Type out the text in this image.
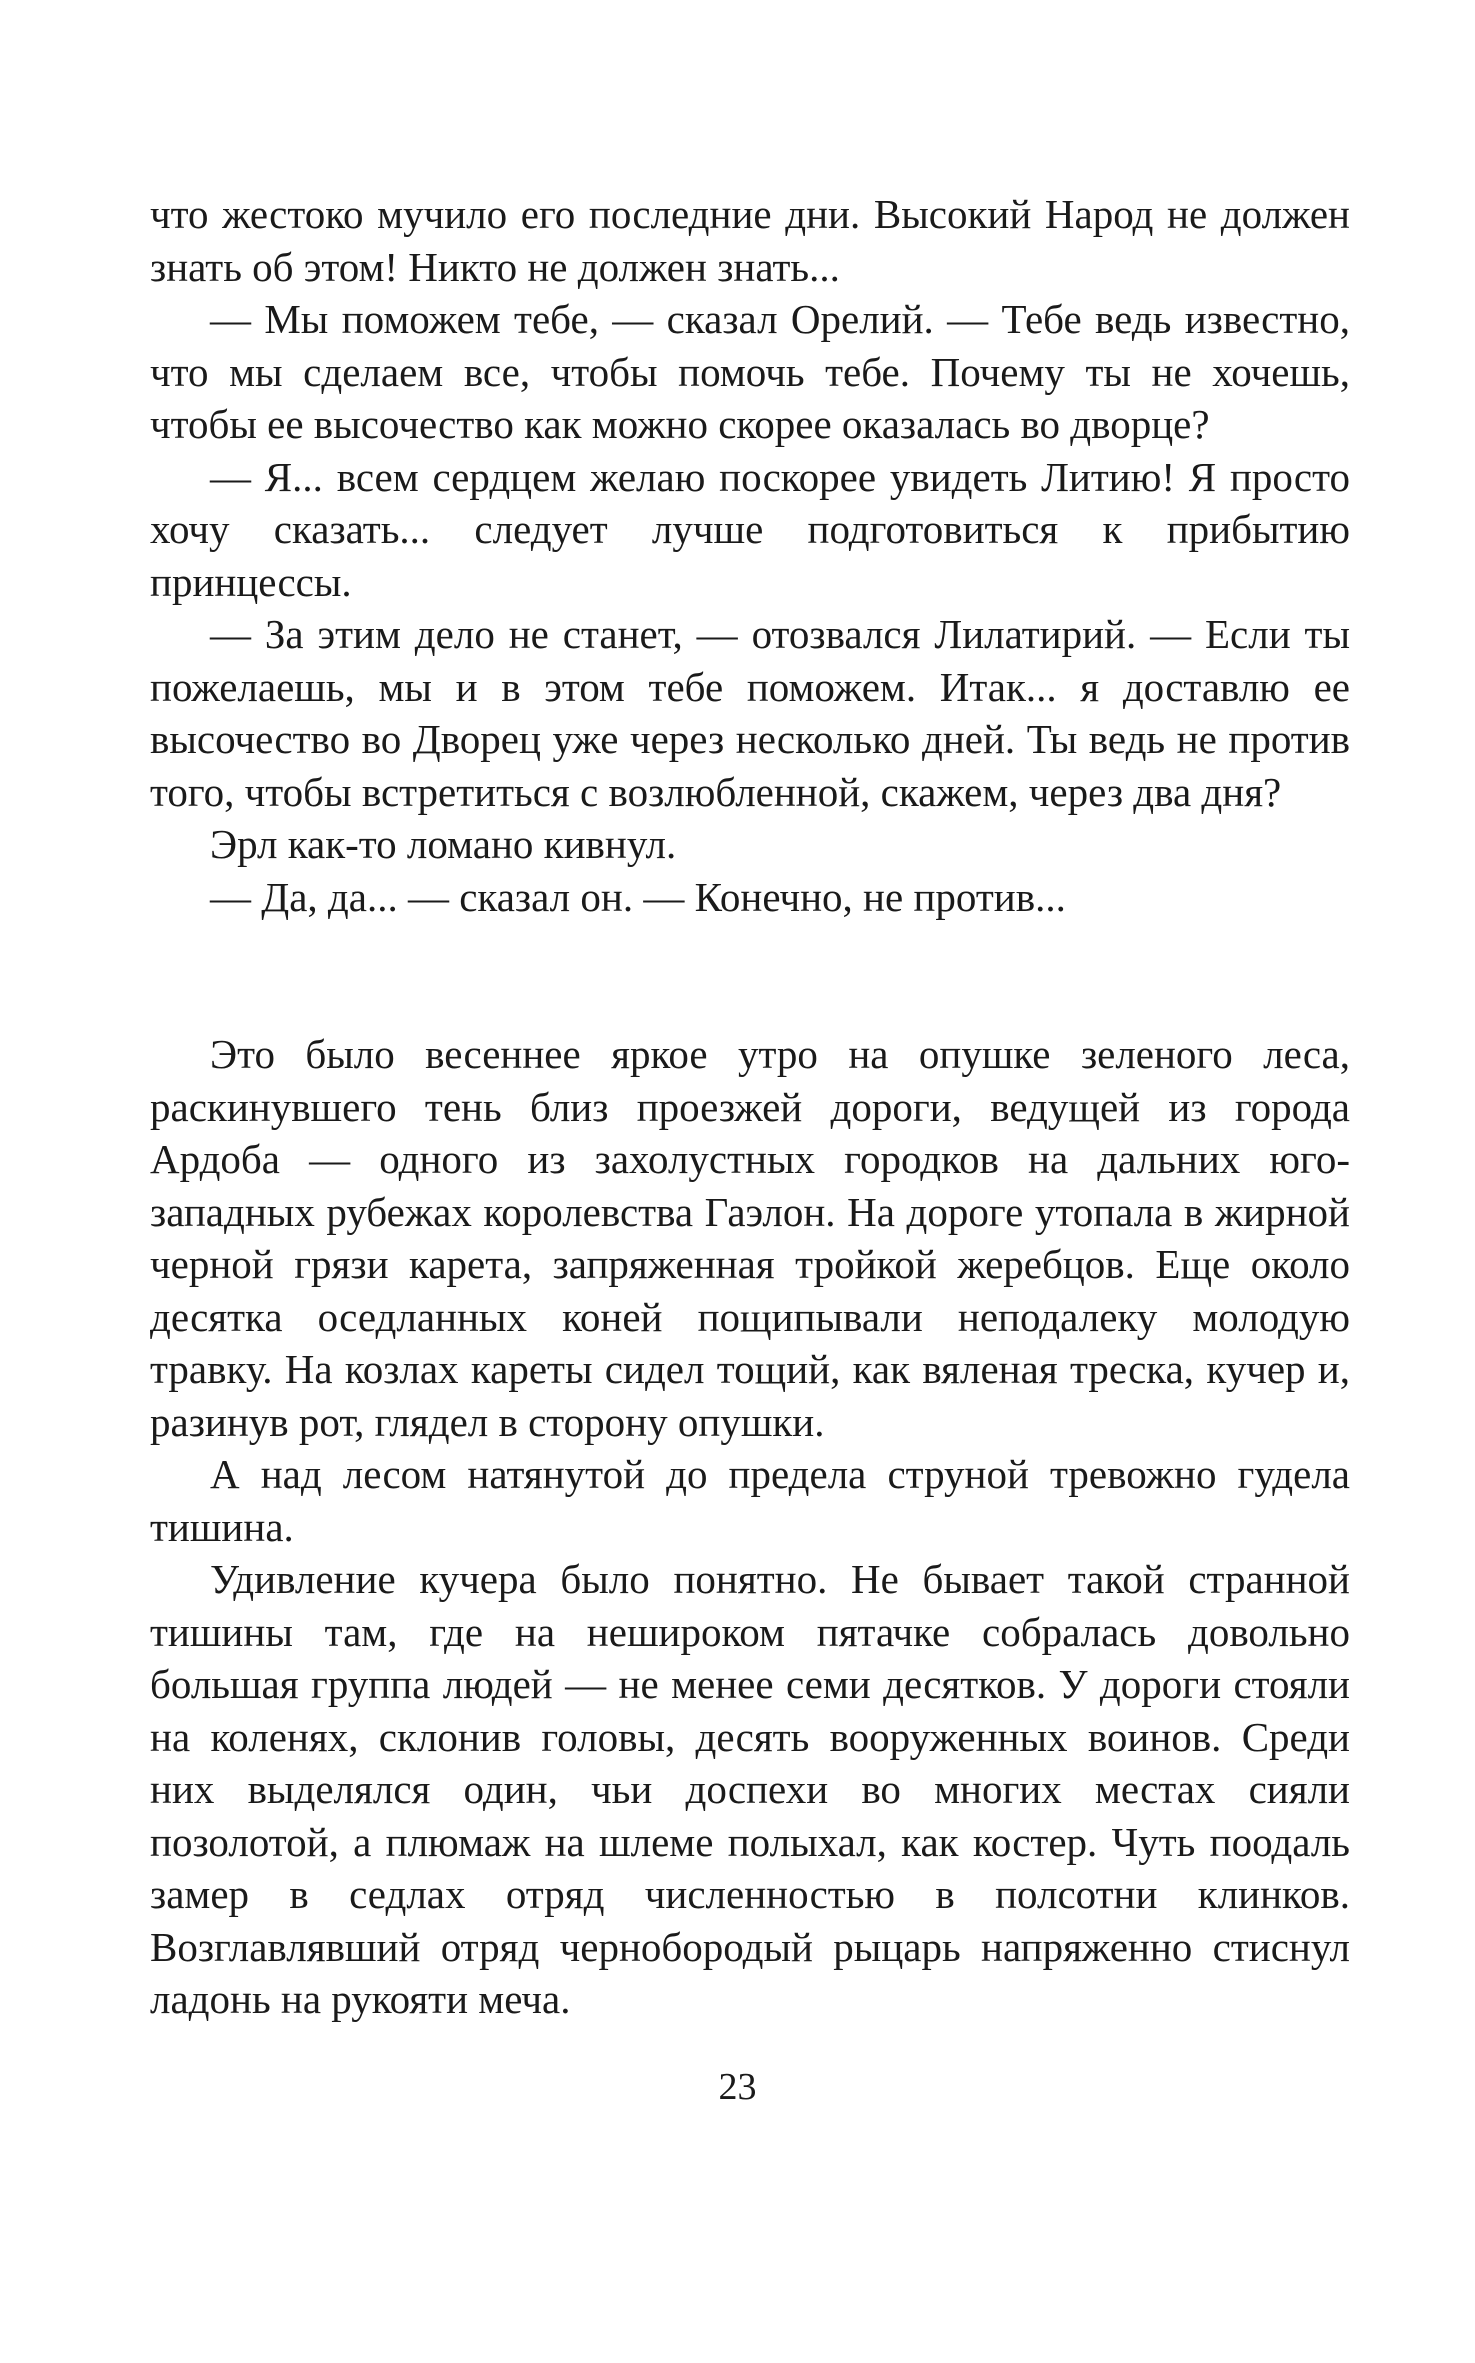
что жестоко мучило его последние дни. Высокий Народ не должен знать об этом! Никто не должен знать...

— Мы поможем тебе, — сказал Орелий. — Тебе ведь известно, что мы сделаем все, чтобы помочь тебе. Почему ты не хочешь, чтобы ее высочество как можно скорее оказалась во дворце?

— Я... всем сердцем желаю поскорее увидеть Литию! Я просто хочу сказать... следует лучше подготовиться к прибытию принцессы.

— За этим дело не станет, — отозвался Лилатирий. — Если ты пожелаешь, мы и в этом тебе поможем. Итак... я доставлю ее высочество во Дворец уже через несколько дней. Ты ведь не против того, чтобы встретиться с возлюбленной, скажем, через два дня?

Эрл как-то ломано кивнул.

— Да, да... — сказал он. — Конечно, не против...

Это было весеннее яркое утро на опушке зеленого леса, раскинувшего тень близ проезжей дороги, ведущей из города Ардоба — одного из захолустных городков на дальних юго-западных рубежах королевства Гаэлон. На дороге утопала в жирной черной грязи карета, запряженная тройкой жеребцов. Еще около десятка оседланных коней пощипывали неподалеку молодую травку. На козлах кареты сидел тощий, как вяленая треска, кучер и, разинув рот, глядел в сторону опушки.

А над лесом натянутой до предела струной тревожно гудела тишина.

Удивление кучера было понятно. Не бывает такой странной тишины там, где на нешироком пятачке собралась довольно большая группа людей — не менее семи десятков. У дороги стояли на коленях, склонив головы, десять вооруженных воинов. Среди них выделялся один, чьи доспехи во многих местах сияли позолотой, а плюмаж на шлеме полыхал, как костер. Чуть поодаль замер в седлах отряд численностью в полсотни клинков. Возглавлявший отряд чернобородый рыцарь напряженно стиснул ладонь на рукояти меча.

23
